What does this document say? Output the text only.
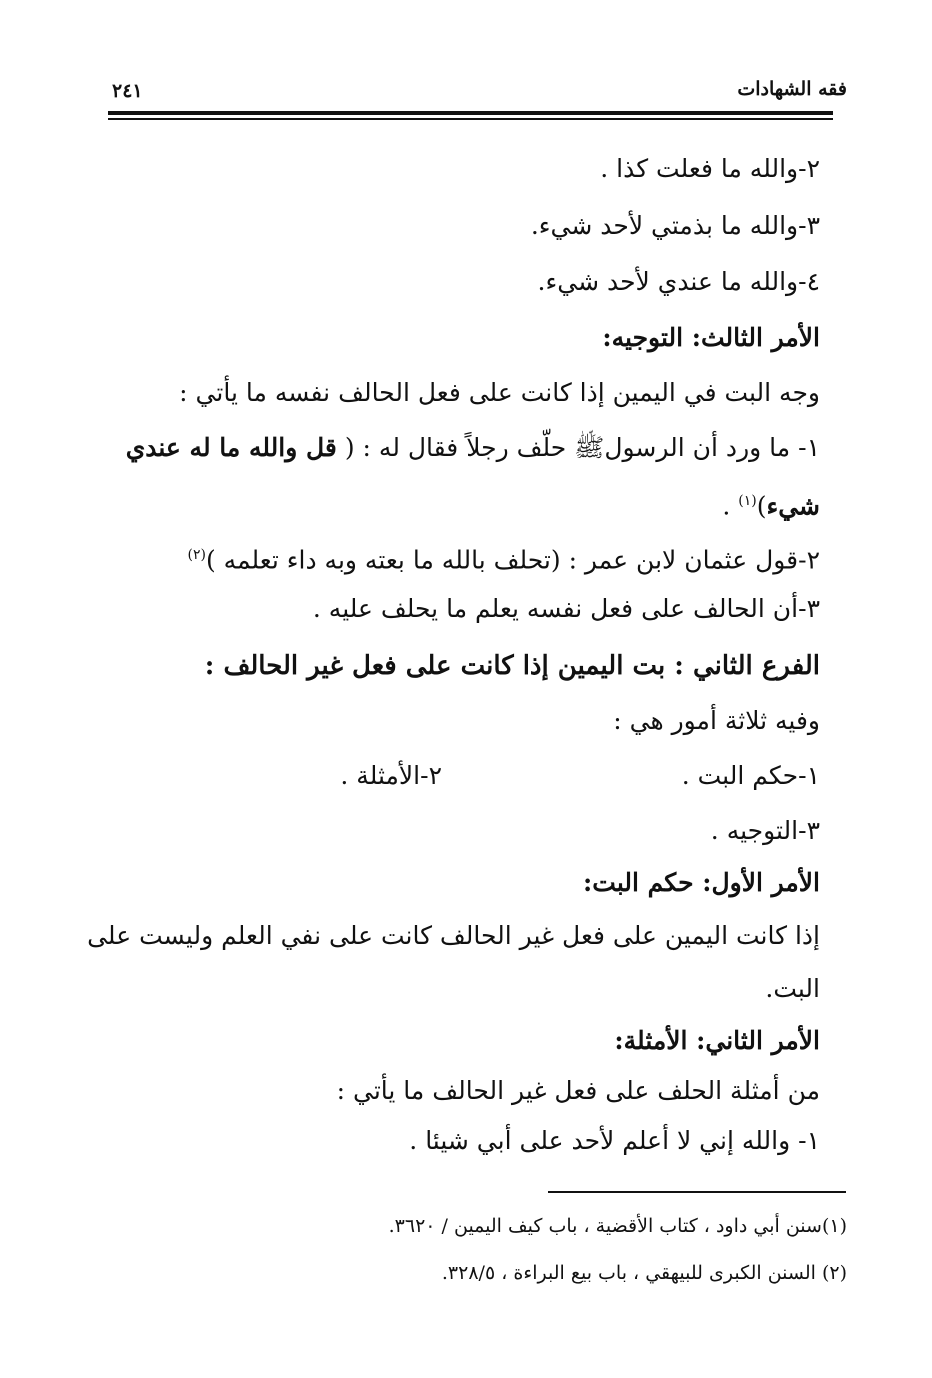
فقه الشهادات
٢٤١
٢-والله ما فعلت كذا .
٣-والله ما بذمتي لأحد شيء.
٤-والله ما عندي لأحد شيء.
الأمر الثالث: التوجيه:
وجه البت في اليمين إذا كانت على فعل الحالف نفسه ما يأتي :
١- ما ورد أن الرسولﷺ حلّف رجلاً فقال له : ( قل والله ما له عندي
شيء)$^{(١)}$ .
٢-قول عثمان لابن عمر : (تحلف بالله ما بعته وبه داء تعلمه )$^{(٢)}$
٣-أن الحالف على فعل نفسه يعلم ما يحلف عليه .
الفرع الثاني : بت اليمين إذا كانت على فعل غير الحالف :
وفيه ثلاثة أمور هي :
١-حكم البت .
٢-الأمثلة .
٣-التوجيه .
الأمر الأول: حكم البت:
إذا كانت اليمين على فعل غير الحالف كانت على نفي العلم وليست على
البت.
الأمر الثاني: الأمثلة:
من أمثلة الحلف على فعل غير الحالف ما يأتي :
١- والله إني لا أعلم لأحد على أبي شيئا .
(١)سنن أبي داود ، كتاب الأقضية ، باب كيف اليمين / ٣٦٢٠.
(٢) السنن الكبرى للبيهقي ، باب بيع البراءة ، ٣٢٨/٥.
